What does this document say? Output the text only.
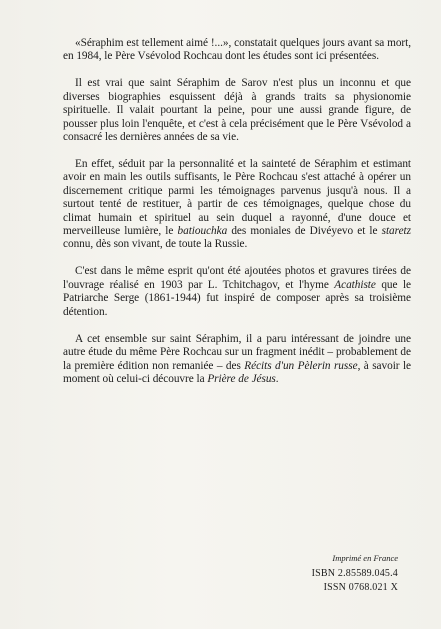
«Séraphim est tellement aimé !...», constatait quelques jours avant sa mort, en 1984, le Père Vsévolod Rochcau dont les études sont ici présentées.

Il est vrai que saint Séraphim de Sarov n'est plus un inconnu et que diverses biographies esquissent déjà à grands traits sa physionomie spirituelle. Il valait pourtant la peine, pour une aussi grande figure, de pousser plus loin l'enquête, et c'est à cela précisément que le Père Vsévolod a consacré les dernières années de sa vie.

En effet, séduit par la personnalité et la sainteté de Séraphim et estimant avoir en main les outils suffisants, le Père Rochcau s'est attaché à opérer un discernement critique parmi les témoignages parvenus jusqu'à nous. Il a surtout tenté de restituer, à partir de ces témoignages, quelque chose du climat humain et spirituel au sein duquel a rayonné, d'une douce et merveilleuse lumière, le batiouchka des moniales de Divéyevo et le staretz connu, dès son vivant, de toute la Russie.

C'est dans le même esprit qu'ont été ajoutées photos et gravures tirées de l'ouvrage réalisé en 1903 par L. Tchitchagov, et l'hyme Acathiste que le Patriarche Serge (1861-1944) fut inspiré de composer après sa troisième détention.

A cet ensemble sur saint Séraphim, il a paru intéressant de joindre une autre étude du même Père Rochcau sur un fragment inédit – probablement de la première édition non remaniée – des Récits d'un Pèlerin russe, à savoir le moment où celui-ci découvre la Prière de Jésus.

Imprimé en France
ISBN 2.85589.045.4
ISSN 0768.021 X
